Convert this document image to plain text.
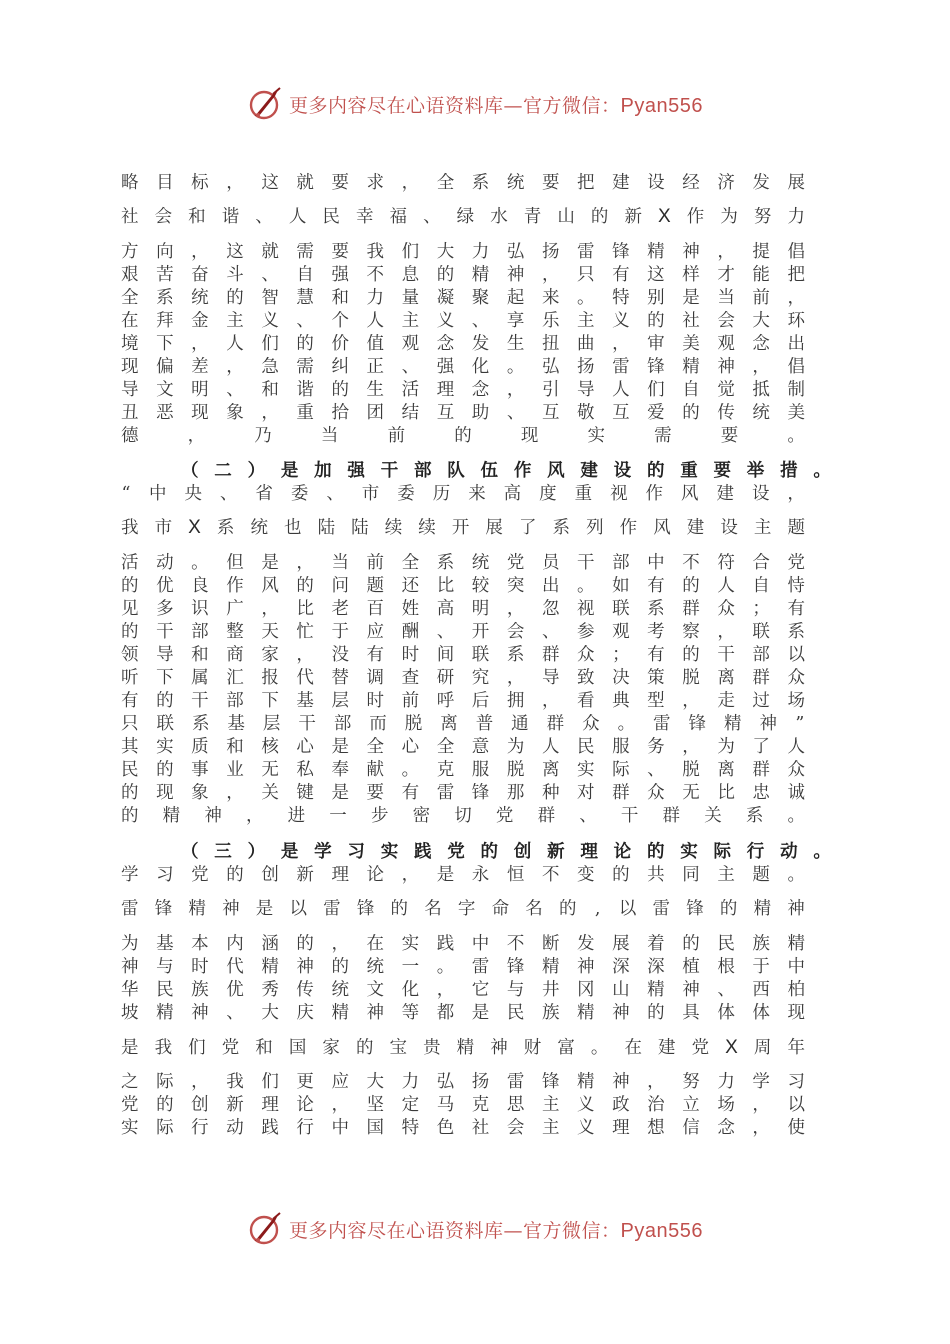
更多内容尽在心语资料库—官方微信：Pyan556
略 目 标 ， 这 就 要 求 ， 全 系 统 要 把 建 设 经 济 发 展
社 会 和 谐 、 人 民 幸 福 、 绿 水 青 山 的 新 X 作 为 努 力
方 向 ， 这 就 需 要 我 们 大 力 弘 扬 雷 锋 精 神 ， 提 倡
艰 苦 奋 斗 、 自 强 不 息 的 精 神 ， 只 有 这 样 才 能 把
全 系 统 的 智 慧 和 力 量 凝 聚 起 来 。 特 别 是 当 前 ，
在 拜 金 主 义 、 个 人 主 义 、 享 乐 主 义 的 社 会 大 环
境 下 ， 人 们 的 价 值 观 念 发 生 扭 曲 ， 审 美 观 念 出
现 偏 差 ， 急 需 纠 正 、 强 化 。 弘 扬 雷 锋 精 神 ， 倡
导 文 明 、 和 谐 的 生 活 理 念 ， 引 导 人 们 自 觉 抵 制
丑 恶 现 象 ， 重 拾 团 结 互 助 、 互 敬 互 爱 的 传 统 美
德	，	乃	当	前	的	现	实	需	要	。
（ 二 ） 是 加 强 干 部 队 伍 作 风 建 设 的 重 要 举 措 。
“ 中 央 、 省 委 、 市 委 历 来 高 度 重 视 作 风 建 设 ，
我 市 X 系 统 也 陆 陆 续 续 开 展 了 系 列 作 风 建 设 主 题
活 动 。 但 是 ， 当 前 全 系 统 党 员 干 部 中 不 符 合 党
的 优 良 作 风 的 问 题 还 比 较 突 出 。 如 有 的 人 自 恃
见 多 识 广 ， 比 老 百 姓 高 明 ， 忽 视 联 系 群 众 ； 有
的 干 部 整 天 忙 于 应 酬 、 开 会 、 参 观 考 察 ， 联 系
领 导 和 商 家 ， 没 有 时 间 联 系 群 众 ； 有 的 干 部 以
听 下 属 汇 报 代 替 调 查 研 究 ， 导 致 决 策 脱 离 群 众
有 的 干 部 下 基 层 时 前 呼 后 拥 ， 看 典 型 ， 走 过 场
只 联 系 基 层 干 部 而 脱 离 普 通 群 众 。 雷 锋 精 神 ”
其 实 质 和 核 心 是 全 心 全 意 为 人 民 服 务 ， 为 了 人
民 的 事 业 无 私 奉 献 。 克 服 脱 离 实 际 、 脱 离 群 众
的 现 象 ， 关 键 是 要 有 雷 锋 那 种 对 群 众 无 比 忠 诚
的 精 神 ， 进 一 步 密 切 党 群 、 干 群 关 系 。
（ 三 ） 是 学 习 实 践 党 的 创 新 理 论 的 实 际 行 动 。
学 习 党 的 创 新 理 论 ， 是 永 恒 不 变 的 共 同 主 题 。
雷 锋 精 神 是 以 雷 锋 的 名 字 命 名 的 , 以 雷 锋 的 精 神
为 基 本 内 涵 的 ， 在 实 践 中 不 断 发 展 着 的 民 族 精
神 与 时 代 精 神 的 统 一 。 雷 锋 精 神 深 深 植 根 于 中
华 民 族 优 秀 传 统 文 化 ， 它 与 井 冈 山 精 神 、 西 柏
坡 精 神 、 大 庆 精 神 等 都 是 民 族 精 神 的 具 体 体 现
是 我 们 党 和 国 家 的 宝 贵 精 神 财 富 。 在 建 党 X 周 年
之 际 ， 我 们 更 应 大 力 弘 扬 雷 锋 精 神 ， 努 力 学 习
党 的 创 新 理 论 ， 坚 定 马 克 思 主 义 政 治 立 场 ， 以
实 际 行 动 践 行 中 国 特 色 社 会 主 义 理 想 信 念 ， 使
更多内容尽在心语资料库—官方微信：Pyan556
